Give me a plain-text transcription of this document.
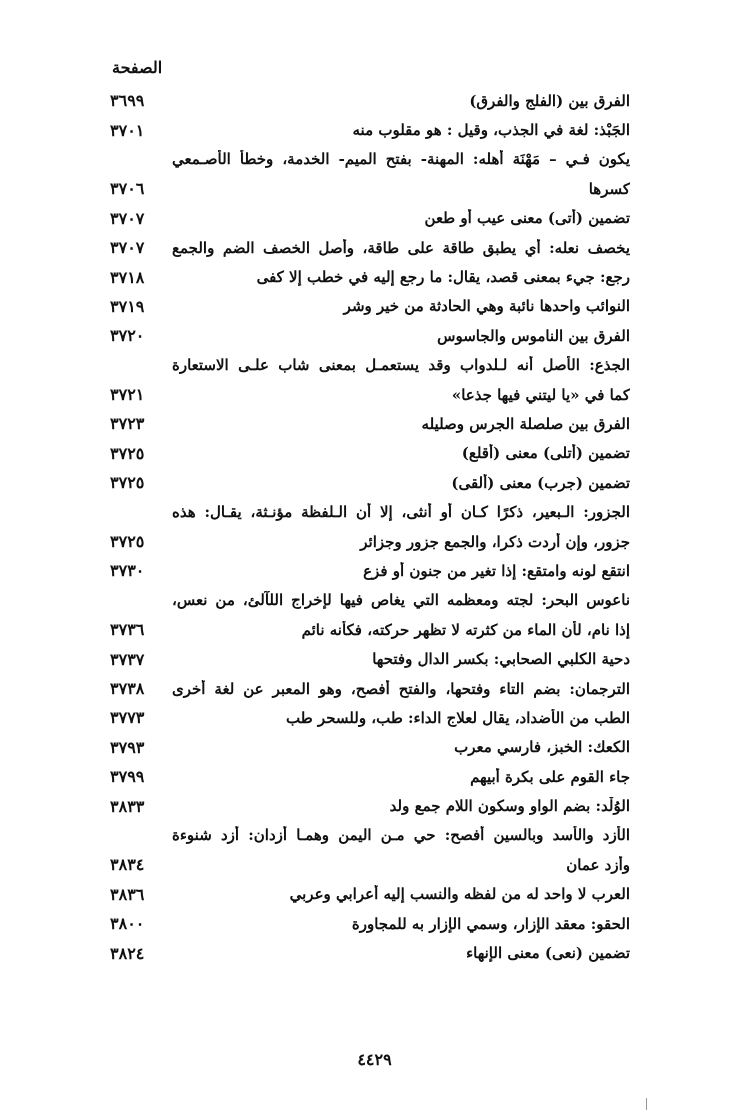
الصفحة
٣٦٩٩	الفرق بين (الفلج والفرق)
٣٧٠١	الجَبْذ: لغة في الجذب، وقيل : هو مقلوب منه
يكون فـي – مَهْنَة أهله: المهنة- بفتح الميم- الخدمة، وخطأ الأصـمعي
٣٧٠٦	كسرها
٣٧٠٧	تضمين (أتى) معنى عيب أو طعن
٣٧٠٧	يخصف نعله: أي يطبق طاقة على طاقة، وأصل الخصف الضم والجمع
٣٧١٨	رجع: جيء بمعنى قصد، يقال: ما رجع إليه في خطب إلا كفى
٣٧١٩	النوائب واحدها نائبة وهي الحادثة من خير وشر
٣٧٢٠	الفرق بين الناموس والجاسوس
الجذع: الأصل أنه لـلدواب وقد يستعمـل بمعنى شاب علـى الاستعارة
٣٧٢١	كما في «يا ليتني فيها جذعا»
٣٧٢٣	الفرق بين صلصلة الجرس وصليله
٣٧٢٥	تضمين (أتلى) معنى (أقلع)
٣٧٢٥	تضمين (جرب) معنى (ألقى)
الجزور: الـبعير، ذكرًا كـان أو أنثى، إلا أن الـلفظة مؤنـثة، يقـال: هذه
٣٧٢٥	جزور، وإن أردت ذكرا، والجمع جزور وجزائر
٣٧٣٠	انتقع لونه وامتقع: إذا تغير من جنون أو فزع
ناعوس البحر: لجته ومعظمه التي يغاص فيها لإخراج اللآلئ، من نعس،
٣٧٣٦	إذا نام، لأن الماء من كثرته لا تظهر حركته، فكأنه نائم
٣٧٣٧	دحية الكلبي الصحابي: بكسر الدال وفتحها
٣٧٣٨	الترجمان: بضم التاء وفتحها، والفتح أفصح، وهو المعبر عن لغة أخرى
٣٧٧٣	الطب من الأضداد، يقال لعلاج الداء: طب، وللسحر طب
٣٧٩٣	الكعك: الخبز، فارسي معرب
٣٧٩٩	جاء القوم على بكرة أبيهم
٣٨٣٣	الوُلْد: بضم الواو وسكون اللام جمع ولد
الأزد والأُسد وبالسين أفصح: حي مـن اليمن وهمـا أزدان: أزد شنوءة
٣٨٣٤	وأزد عمان
٣٨٣٦	العرب لا واحد له من لفظه والنسب إليه أعرابي وعربي
٣٨٠٠	الحقو: معقد الإزار، وسمي الإزار به للمجاورة
٣٨٢٤	تضمين (نعى) معنى الإنهاء
٤٤٢٩
